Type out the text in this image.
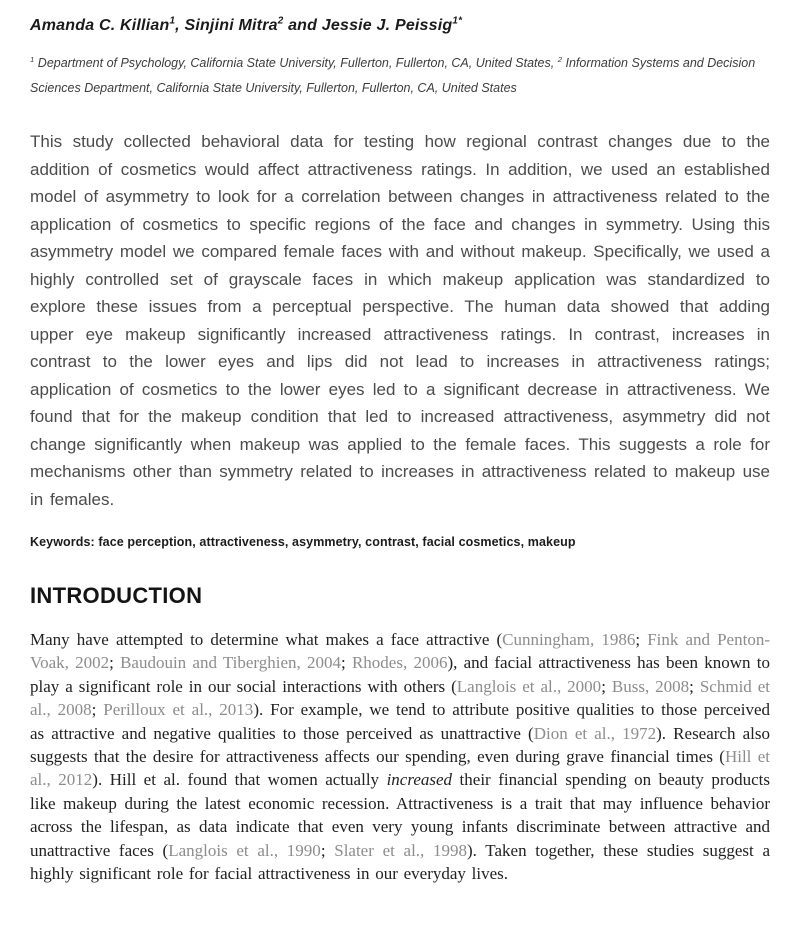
Amanda C. Killian$^1$, Sinjini Mitra$^2$ and Jessie J. Peissig$^{1*}$
$^1$ Department of Psychology, California State University, Fullerton, Fullerton, CA, United States, $^2$ Information Systems and Decision Sciences Department, California State University, Fullerton, Fullerton, CA, United States

This study collected behavioral data for testing how regional contrast changes due to the addition of cosmetics would affect attractiveness ratings. In addition, we used an established model of asymmetry to look for a correlation between changes in attractiveness related to the application of cosmetics to specific regions of the face and changes in symmetry. Using this asymmetry model we compared female faces with and without makeup. Specifically, we used a highly controlled set of grayscale faces in which makeup application was standardized to explore these issues from a perceptual perspective. The human data showed that adding upper eye makeup significantly increased attractiveness ratings. In contrast, increases in contrast to the lower eyes and lips did not lead to increases in attractiveness ratings; application of cosmetics to the lower eyes led to a significant decrease in attractiveness. We found that for the makeup condition that led to increased attractiveness, asymmetry did not change significantly when makeup was applied to the female faces. This suggests a role for mechanisms other than symmetry related to increases in attractiveness related to makeup use in females.

Keywords: face perception, attractiveness, asymmetry, contrast, facial cosmetics, makeup
INTRODUCTION

Many have attempted to determine what makes a face attractive (Cunningham, 1986; Fink and Penton-Voak, 2002; Baudouin and Tiberghien, 2004; Rhodes, 2006), and facial attractiveness has been known to play a significant role in our social interactions with others (Langlois et al., 2000; Buss, 2008; Schmid et al., 2008; Perilloux et al., 2013). For example, we tend to attribute positive qualities to those perceived as attractive and negative qualities to those perceived as unattractive (Dion et al., 1972). Research also suggests that the desire for attractiveness affects our spending, even during grave financial times (Hill et al., 2012). Hill et al. found that women actually increased their financial spending on beauty products like makeup during the latest economic recession. Attractiveness is a trait that may influence behavior across the lifespan, as data indicate that even very young infants discriminate between attractive and unattractive faces (Langlois et al., 1990; Slater et al., 1998). Taken together, these studies suggest a highly significant role for facial attractiveness in our everyday lives.
